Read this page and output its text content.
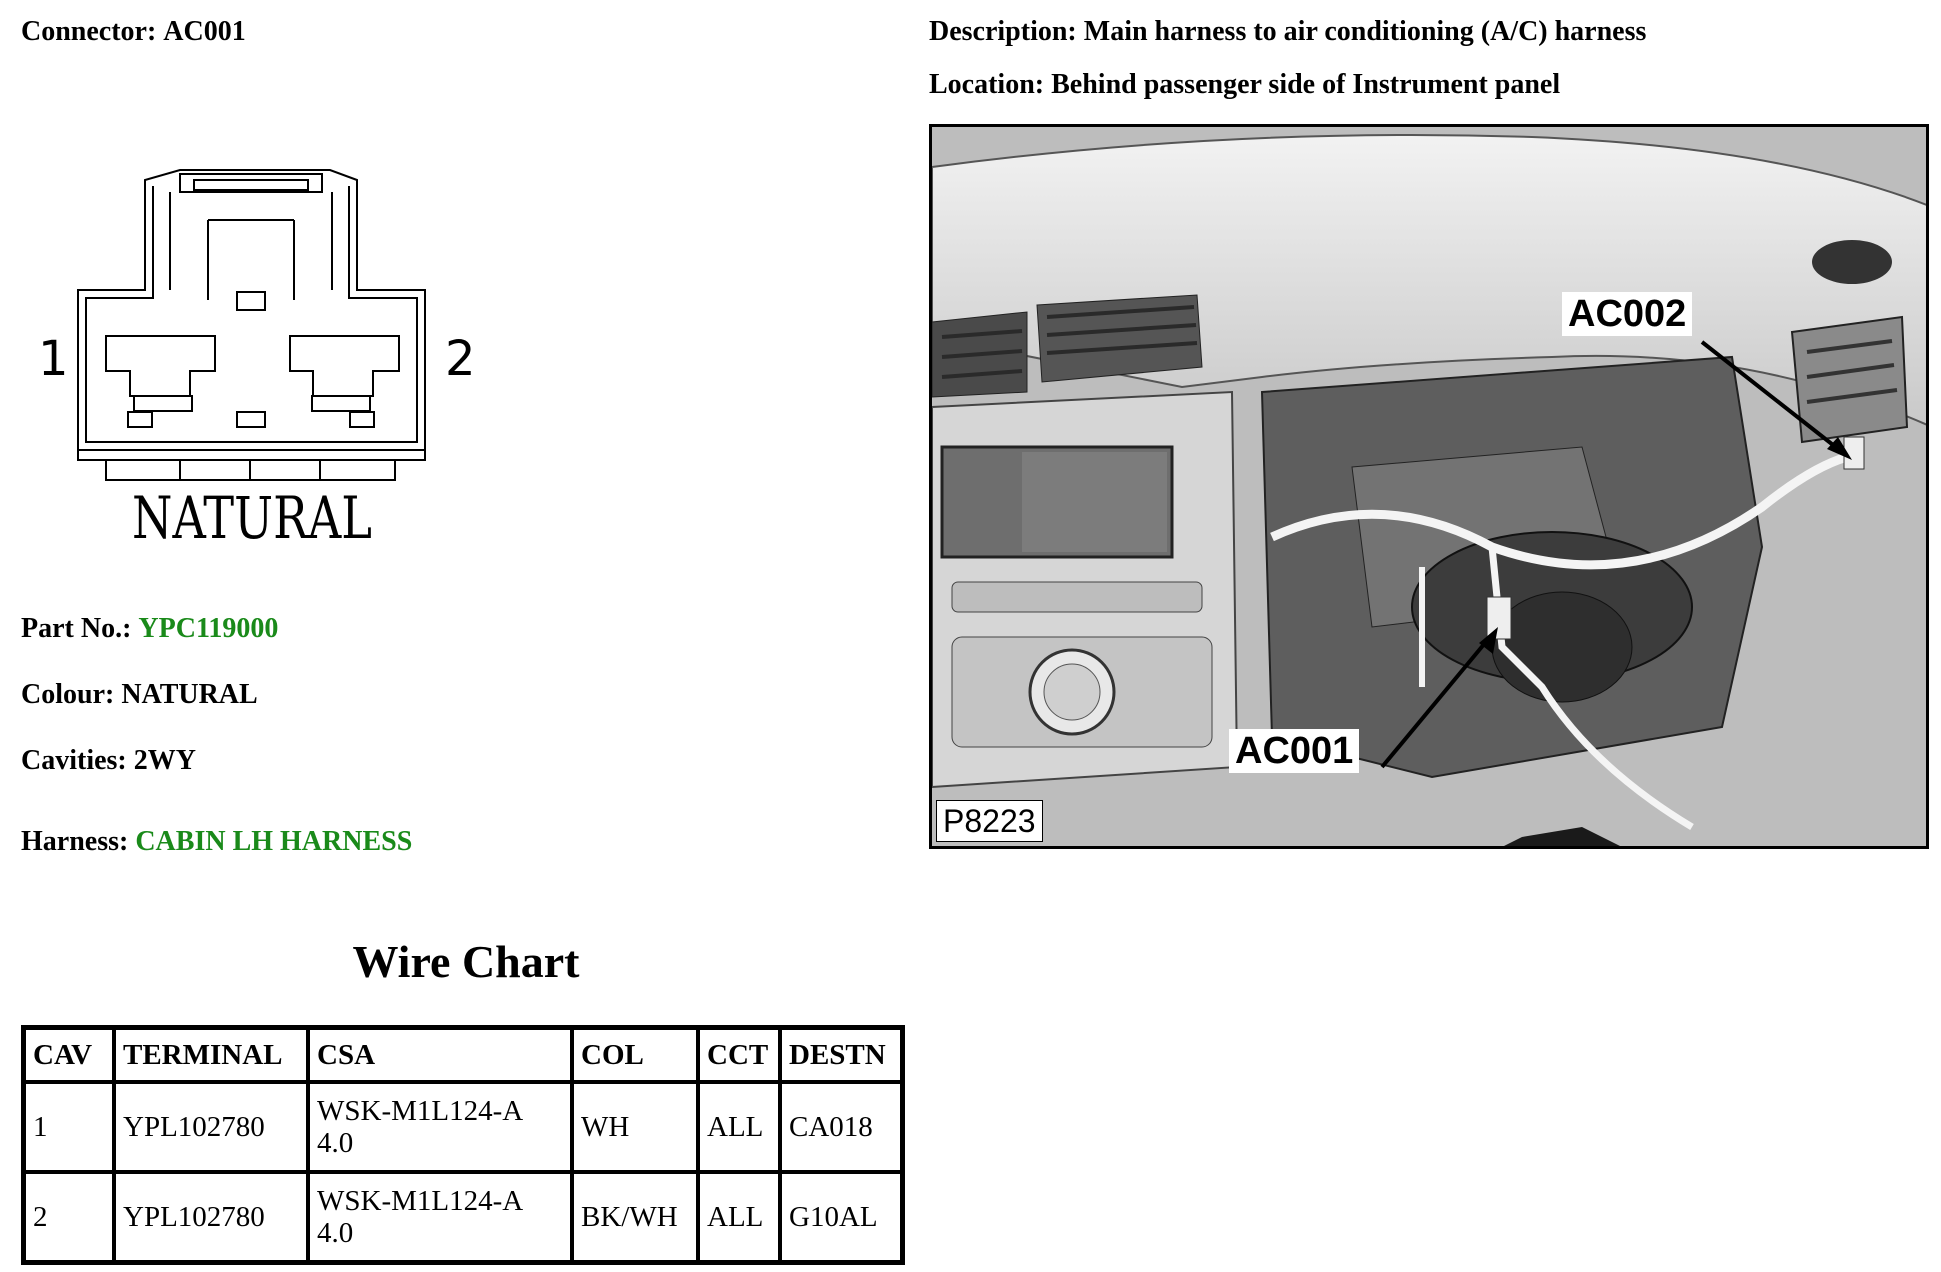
Connector: AC001	Description: Main harness to air conditioning (A/C) harness
Location: Behind passenger side of Instrument panel
1	2
NATURAL
Part No.: YPC119000
Colour: NATURAL
Cavities: 2WY
Harness: CABIN LH HARNESS
Wire Chart
CAV	TERMINAL	CSA	COL	CCT	DESTN
1	YPL102780	WSK-M1L124-A 4.0	WH	ALL	CA018
2	YPL102780	WSK-M1L124-A 4.0	BK/WH	ALL	G10AL
AC002
AC001
P8223
